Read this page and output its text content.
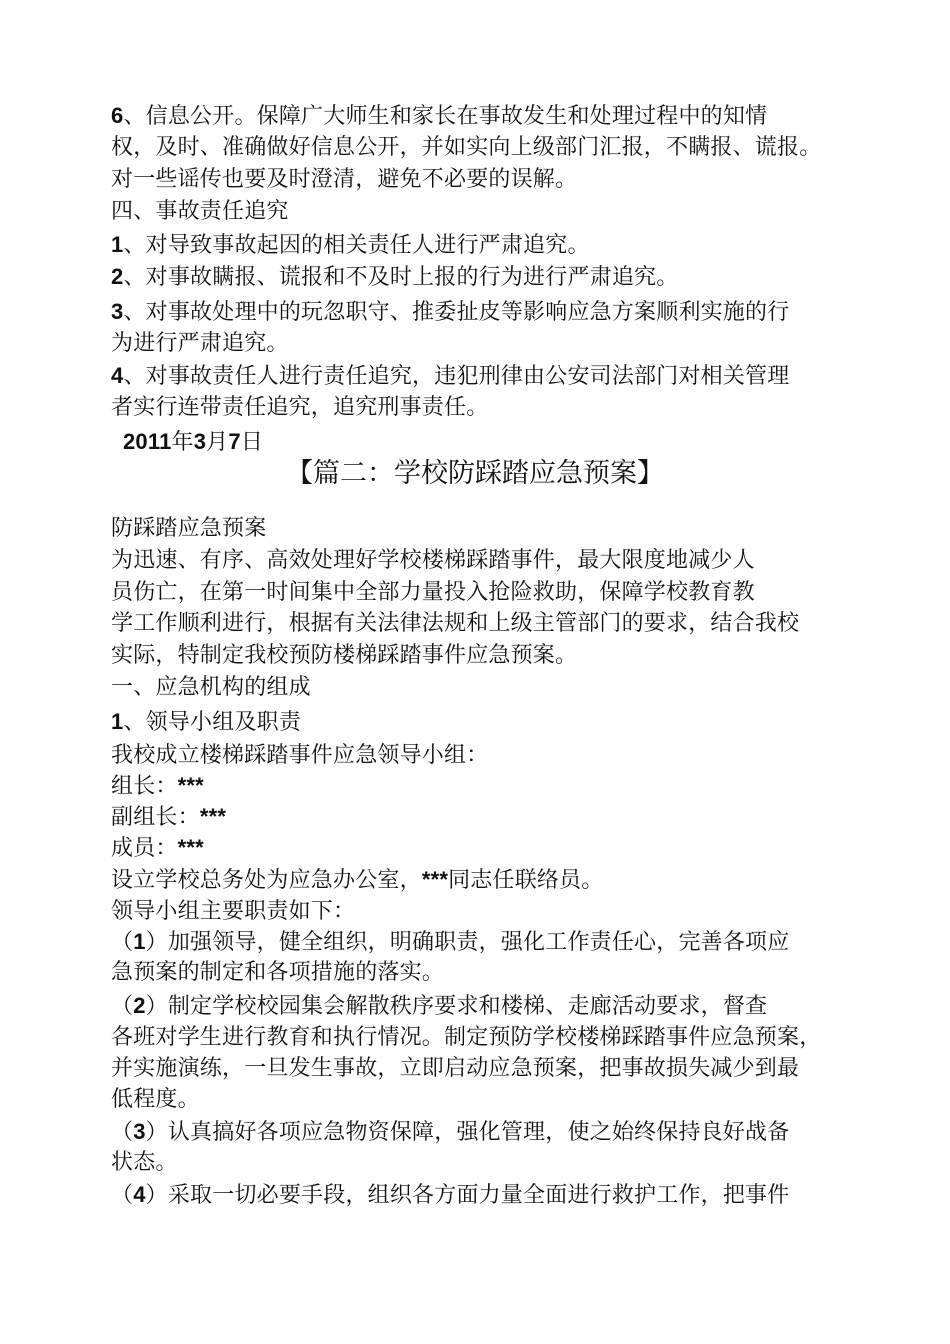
6、信息公开。保障广大师生和家长在事故发生和处理过程中的知情

权，及时、准确做好信息公开，并如实向上级部门汇报，不瞒报、谎报。

对一些谣传也要及时澄清，避免不必要的误解。

四、事故责任追究

1、对导致事故起因的相关责任人进行严肃追究。

2、对事故瞒报、谎报和不及时上报的行为进行严肃追究。

3、对事故处理中的玩忽职守、推委扯皮等影响应急方案顺利实施的行

为进行严肃追究。

4、对事故责任人进行责任追究，违犯刑律由公安司法部门对相关管理

者实行连带责任追究，追究刑事责任。

2011年3月7日

【篇二：学校防踩踏应急预案】

防踩踏应急预案

为迅速、有序、高效处理好学校楼梯踩踏事件，最大限度地减少人

员伤亡，在第一时间集中全部力量投入抢险救助，保障学校教育教

学工作顺利进行，根据有关法律法规和上级主管部门的要求，结合我校

实际，特制定我校预防楼梯踩踏事件应急预案。

一、应急机构的组成

1、领导小组及职责

我校成立楼梯踩踏事件应急领导小组：

组长：***

副组长：***

成员：***

设立学校总务处为应急办公室，***同志任联络员。

领导小组主要职责如下：

（1）加强领导，健全组织，明确职责，强化工作责任心，完善各项应

急预案的制定和各项措施的落实。

（2）制定学校校园集会解散秩序要求和楼梯、走廊活动要求，督查

各班对学生进行教育和执行情况。制定预防学校楼梯踩踏事件应急预案，

并实施演练，一旦发生事故，立即启动应急预案，把事故损失减少到最

低程度。

（3）认真搞好各项应急物资保障，强化管理，使之始终保持良好战备

状态。

（4）采取一切必要手段，组织各方面力量全面进行救护工作，把事件
